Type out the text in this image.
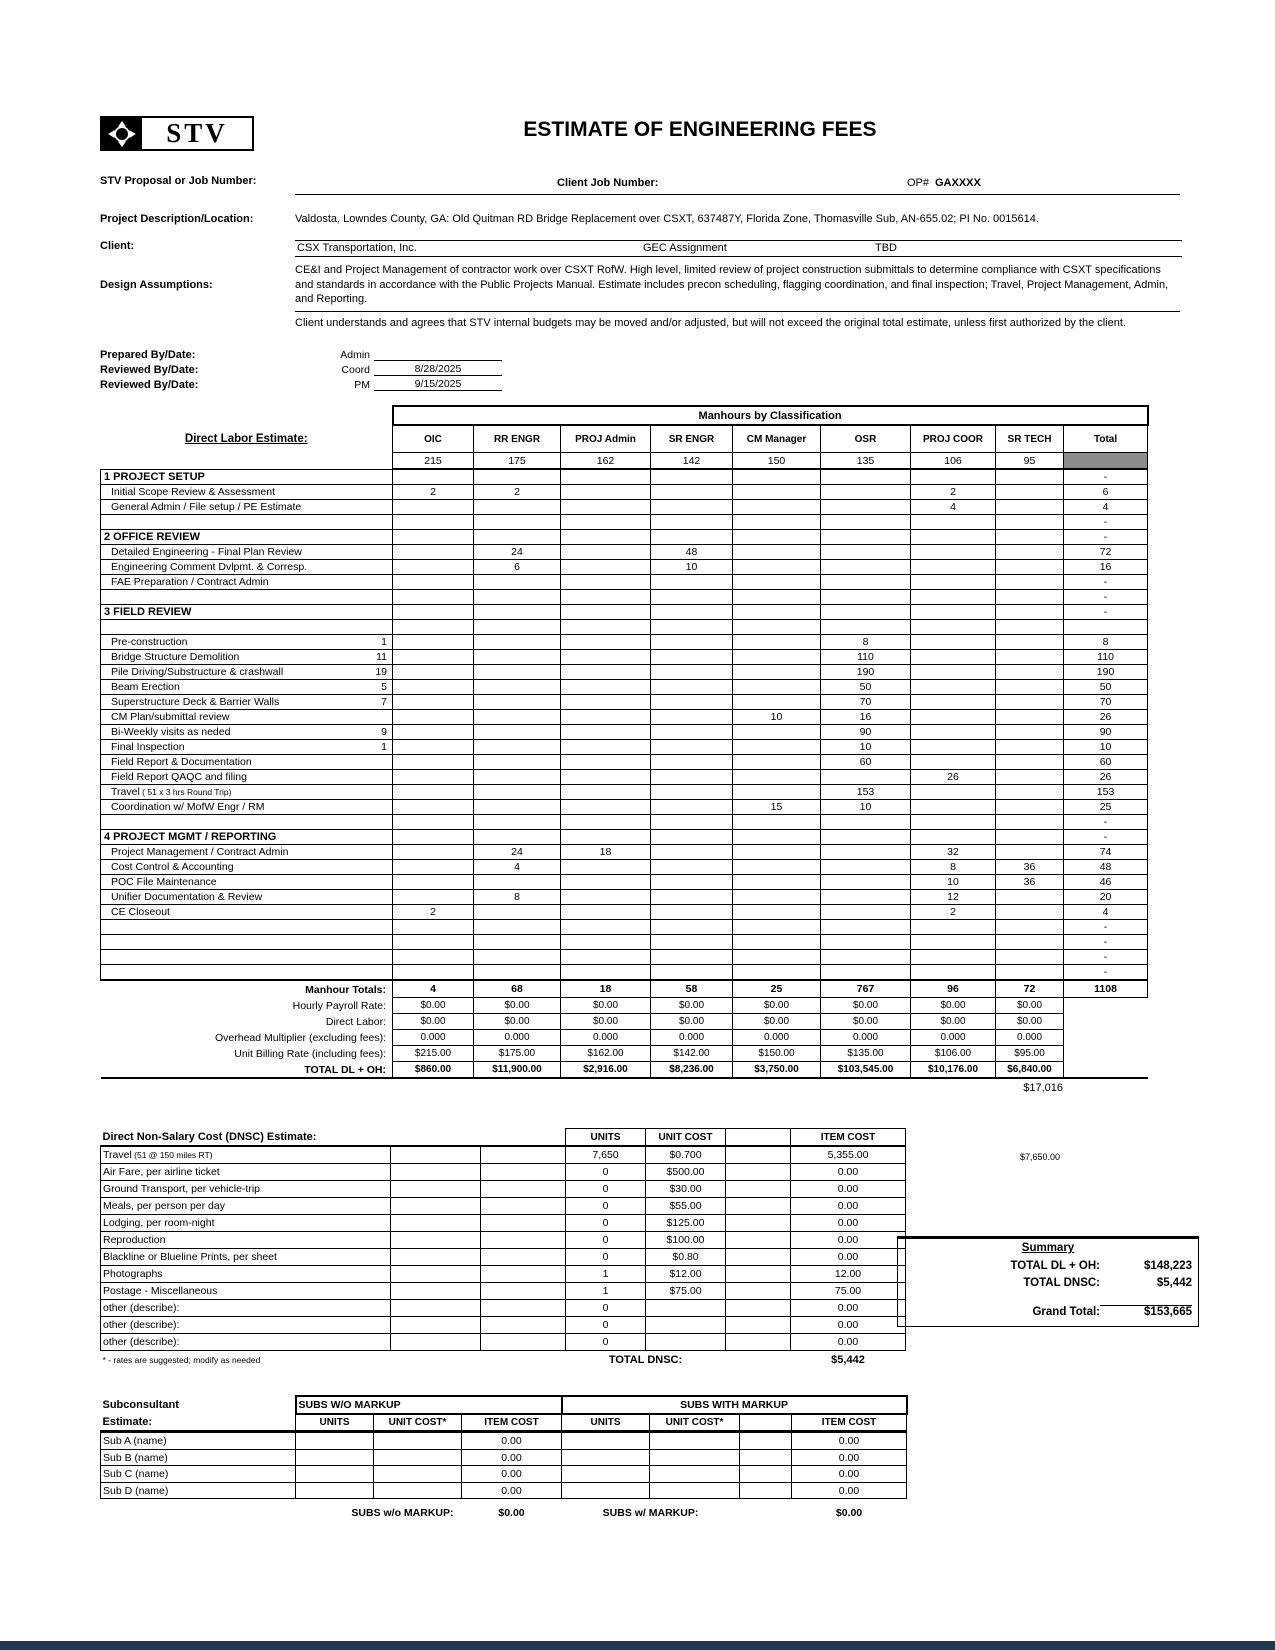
STV	ESTIMATE OF ENGINEERING FEES
STV Proposal or Job Number:	Client Job Number:	OP# GAXXXX
Project Description/Location:	Valdosta, Lowndes County, GA: Old Quitman RD Bridge Replacement over CSXT, 637487Y, Florida Zone, Thomasville Sub, AN-655.02; PI No. 0015614.
Client:	CSX Transportation, Inc.	GEC Assignment	TBD
Design Assumptions:
CE&I and Project Management of contractor work over CSXT RofW. High level, limited review of project construction submittals to determine compliance with CSXT specifications and standards in accordance with the Public Projects Manual. Estimate includes precon scheduling, flagging coordination, and final inspection; Travel, Project Management, Admin, and Reporting.
Client understands and agrees that STV internal budgets may be moved and/or adjusted, but will not exceed the original total estimate, unless first authorized by the client.
Prepared By/Date:	Admin
Reviewed By/Date:	Coord	8/28/2025
Reviewed By/Date:	PM	9/15/2025
	Manhours by Classification								

Direct Labor Estimate:	OIC	RR ENGR	PROJ Admin	SR ENGR	CM Manager	OSR	PROJ COOR	SR TECH	Total
	215	175	162	142	150	135	106	95	
1 PROJECT SETUP									-
Initial Scope Review & Assessment	2	2					2		6
General Admin / File setup / PE Estimate							4		4
									-
2 OFFICE REVIEW									-
Detailed Engineering - Final Plan Review		24		48					72
Engineering Comment Dvlpmt. & Corresp.		6		10					16
FAE Preparation / Contract Admin									-
									-
3 FIELD REVIEW									-

Pre-construction 1						8			8
Bridge Structure Demolition 11						110			110
Pile Driving/Substructure & crashwall 19						190			190
Beam Erection 5						50			50
Superstructure Deck & Barrier Walls 7						70			70
CM Plan/submittal review					10	16			26
Bi-Weekly visits as neded 9						90			90
Final Inspection 1						10			10
Field Report & Documentation						60			60
Field Report QAQC and filing							26		26
Travel ( 51 x 3 hrs Round Trip)						153			153
Coordination w/ MofW Engr / RM					15	10			25
									-
4 PROJECT MGMT / REPORTING									-
Project Management / Contract Admin		24	18				32		74
Cost Control & Accounting		4					8	36	48
POC File Maintenance							10	36	46
Unifier Documentation & Review		8					12		20
CE Closeout	2						2		4
									-
									-
									-
									-
Manhour Totals:	4	68	18	58	25	767	96	72	1108
Hourly Payroll Rate:	$0.00	$0.00	$0.00	$0.00	$0.00	$0.00	$0.00	$0.00	
Direct Labor:	$0.00	$0.00	$0.00	$0.00	$0.00	$0.00	$0.00	$0.00	
Overhead Multiplier (excluding fees):	0.000	0.000	0.000	0.000	0.000	0.000	0.000	0.000	
Unit Billing Rate (including fees):	$215.00	$175.00	$162.00	$142.00	$150.00	$135.00	$106.00	$95.00	
TOTAL DL + OH:	$860.00	$11,900.00	$2,916.00	$8,236.00	$3,750.00	$103,545.00	$10,176.00	$6,840.00	
$17,016
Direct Non-Salary Cost (DNSC) Estimate:			UNITS	UNIT COST		ITEM COST
Travel (51 @ 150 miles RT)			7,650	$0.700		5,355.00
Air Fare, per airline ticket			0	$500.00		0.00
Ground Transport, per vehicle-trip			0	$30.00		0.00
Meals, per person per day			0	$55.00		0.00
Lodging, per room-night			0	$125.00		0.00
Reproduction			0	$100.00		0.00
Blackline or Blueline Prints, per sheet			0	$0.80		0.00
Photographs			1	$12.00		12.00
Postage - Miscellaneous			1	$75.00		75.00
other (describe):			0			0.00
other (describe):			0			0.00
other (describe):			0			0.00
* - rates are suggested; modify as needed			TOTAL DNSC:			$5,442
$7,650.00
Summary
TOTAL DL + OH:	$148,223
TOTAL DNSC:	$5,442
Grand Total:	$153,665
Subconsultant	SUBS W/O MARKUP			SUBS WITH MARKUP			
Estimate:	UNITS	UNIT COST*	ITEM COST	UNITS	UNIT COST*		ITEM COST
Sub A (name)			0.00				0.00
Sub B (name)			0.00				0.00
Sub C (name)			0.00				0.00
Sub D (name)			0.00				0.00
	SUBS w/o MARKUP:		$0.00	SUBS w/ MARKUP:			$0.00
